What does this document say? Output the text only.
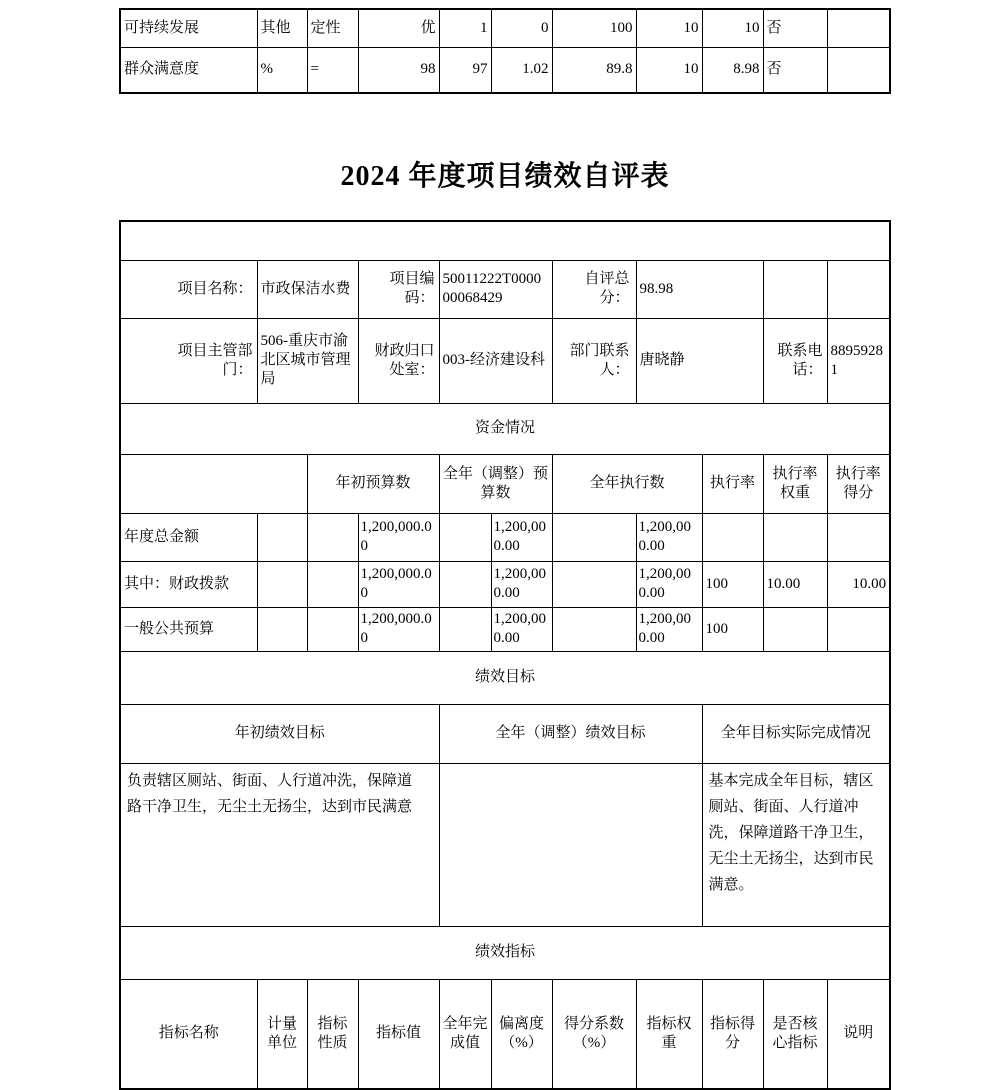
可持续发展	其他	定性	优	1	0	100	10	10	否	
群众满意度	%	=	98	97	1.02	89.8	10	8.98	否	
2024 年度项目绩效自评表

项目名称：	市政保洁水费		项目编码：	50011222T000000068429		自评总分：	98.98			
项目主管部门：	506-重庆市渝北区城市管理局		财政归口处室：	003-经济建设科		部门联系人：	唐晓静		联系电话：	88959281
资金情况										
		年初预算数		全年（调整）预算数		全年执行数		执行率	执行率权重	执行率得分
年度总金额			1,200,000.00		1,200,000.00		1,200,000.00			
其中：财政拨款			1,200,000.00		1,200,000.00		1,200,000.00	100	10.00	10.00
一般公共预算			1,200,000.00		1,200,000.00		1,200,000.00	100		
绩效目标										
年初绩效目标				全年（调整）绩效目标				全年目标实际完成情况		
负责辖区厕站、街面、人行道冲洗，保障道路干净卫生，无尘土无扬尘，达到市民满意								基本完成全年目标，辖区厕站、街面、人行道冲洗，保障道路干净卫生，无尘土无扬尘，达到市民满意。		
绩效指标										
指标名称	计量单位	指标性质	指标值	全年完成值	偏离度（%）	得分系数（%）	指标权重	指标得分	是否核心指标	说明
